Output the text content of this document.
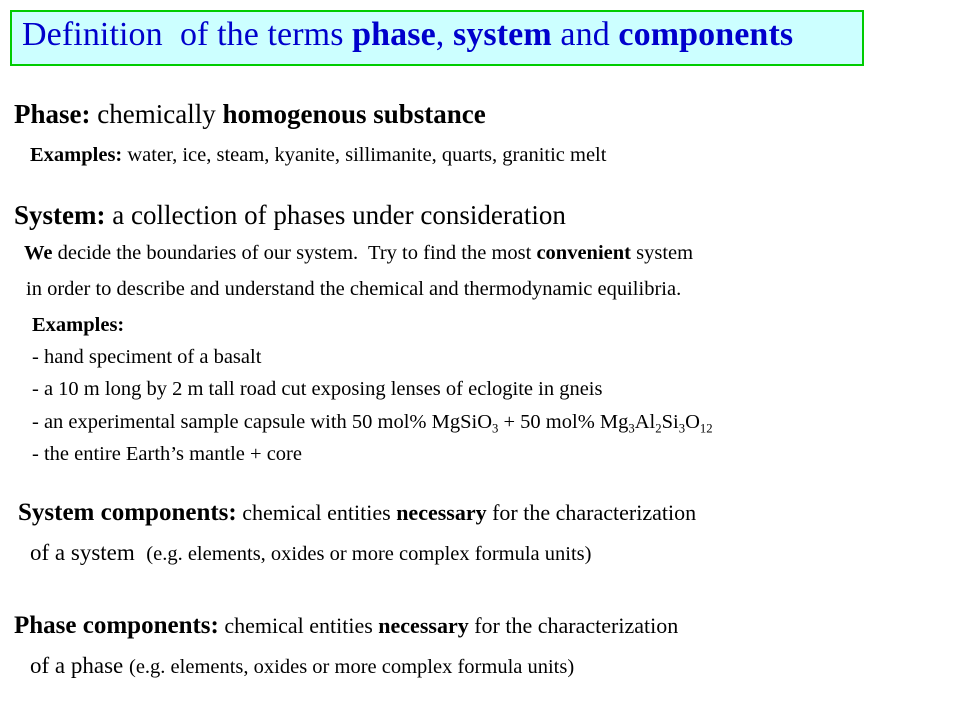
Definition  of the terms phase, system and components
Phase: chemically homogenous substance
Examples: water, ice, steam, kyanite, sillimanite, quarts, granitic melt
System: a collection of phases under consideration
We decide the boundaries of our system.  Try to find the most convenient system
in order to describe and understand the chemical and thermodynamic equilibria.
Examples:
- hand speciment of a basalt
- a 10 m long by 2 m tall road cut exposing lenses of eclogite in gneis
- an experimental sample capsule with 50 mol% MgSiO$_3$ + 50 mol% $Mg_3Al_2Si_3O_{12}$
- the entire Earth’s mantle + core
System components: chemical entities necessary for the characterization
of a system  (e.g. elements, oxides or more complex formula units)
Phase components: chemical entities necessary for the characterization
of a phase (e.g. elements, oxides or more complex formula units)
